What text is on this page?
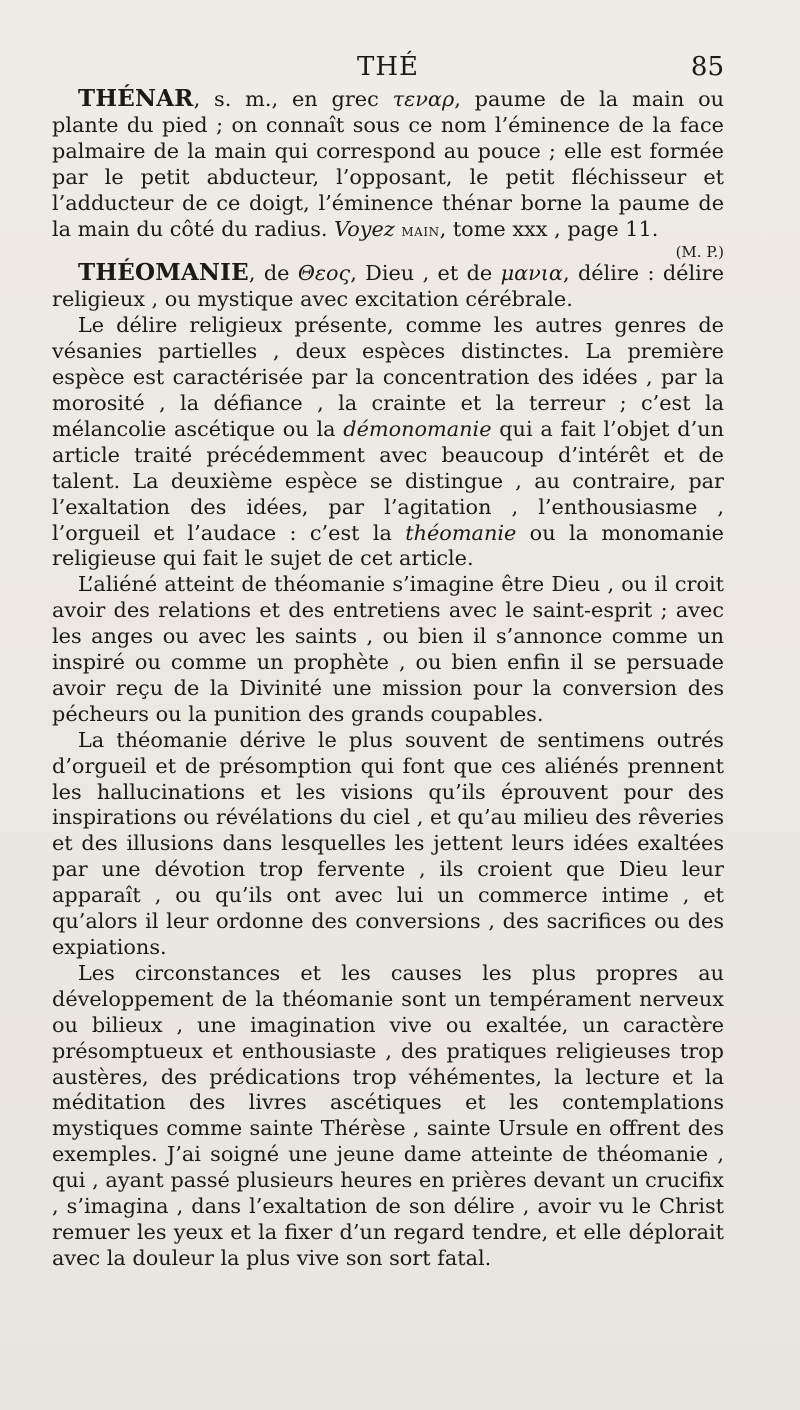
THÉ	85

THÉNAR, s. m., en grec τεναρ, paume de la main ou plante du pied ; on connaît sous ce nom l’éminence de la face palmaire de la main qui correspond au pouce ; elle est formée par le petit abducteur, l’opposant, le petit fléchisseur et l’adducteur de ce doigt, l’éminence thénar borne la paume de la main du côté du radius. Voyez main, tome xxx , page 11.

(M. P.)

THÉOMANIE, de Θεος, Dieu , et de μανια, délire : délire religieux , ou mystique avec excitation cérébrale.

Le délire religieux présente, comme les autres genres de vésanies partielles , deux espèces distinctes. La première espèce est caractérisée par la concentration des idées , par la morosité , la défiance , la crainte et la terreur ; c’est la mélancolie ascétique ou la démonomanie qui a fait l’objet d’un article traité précédemment avec beaucoup d’intérêt et de talent. La deuxième espèce se distingue , au contraire, par l’exaltation des idées, par l’agitation , l’enthousiasme , l’orgueil et l’audace : c’est la théomanie ou la monomanie religieuse qui fait le sujet de cet article.

L’aliéné atteint de théomanie s’imagine être Dieu , ou il croit avoir des relations et des entretiens avec le saint-esprit ; avec les anges ou avec les saints , ou bien il s’annonce comme un inspiré ou comme un prophète , ou bien enfin il se persuade avoir reçu de la Divinité une mission pour la conversion des pécheurs ou la punition des grands coupables.

La théomanie dérive le plus souvent de sentimens outrés d’orgueil et de présomption qui font que ces aliénés prennent les hallucinations et les visions qu’ils éprouvent pour des inspirations ou révélations du ciel , et qu’au milieu des rêveries et des illusions dans lesquelles les jettent leurs idées exaltées par une dévotion trop fervente , ils croient que Dieu leur apparaît , ou qu’ils ont avec lui un commerce intime , et qu’alors il leur ordonne des conversions , des sacrifices ou des expiations.

Les circonstances et les causes les plus propres au développement de la théomanie sont un tempérament nerveux ou bilieux , une imagination vive ou exaltée, un caractère présomptueux et enthousiaste , des pratiques religieuses trop austères, des prédications trop véhémentes, la lecture et la méditation des livres ascétiques et les contemplations mystiques comme sainte Thérèse , sainte Ursule en offrent des exemples. J’ai soigné une jeune dame atteinte de théomanie , qui , ayant passé plusieurs heures en prières devant un crucifix , s’imagina , dans l’exaltation de son délire , avoir vu le Christ remuer les yeux et la fixer d’un regard tendre, et elle déplorait avec la douleur la plus vive son sort fatal.
